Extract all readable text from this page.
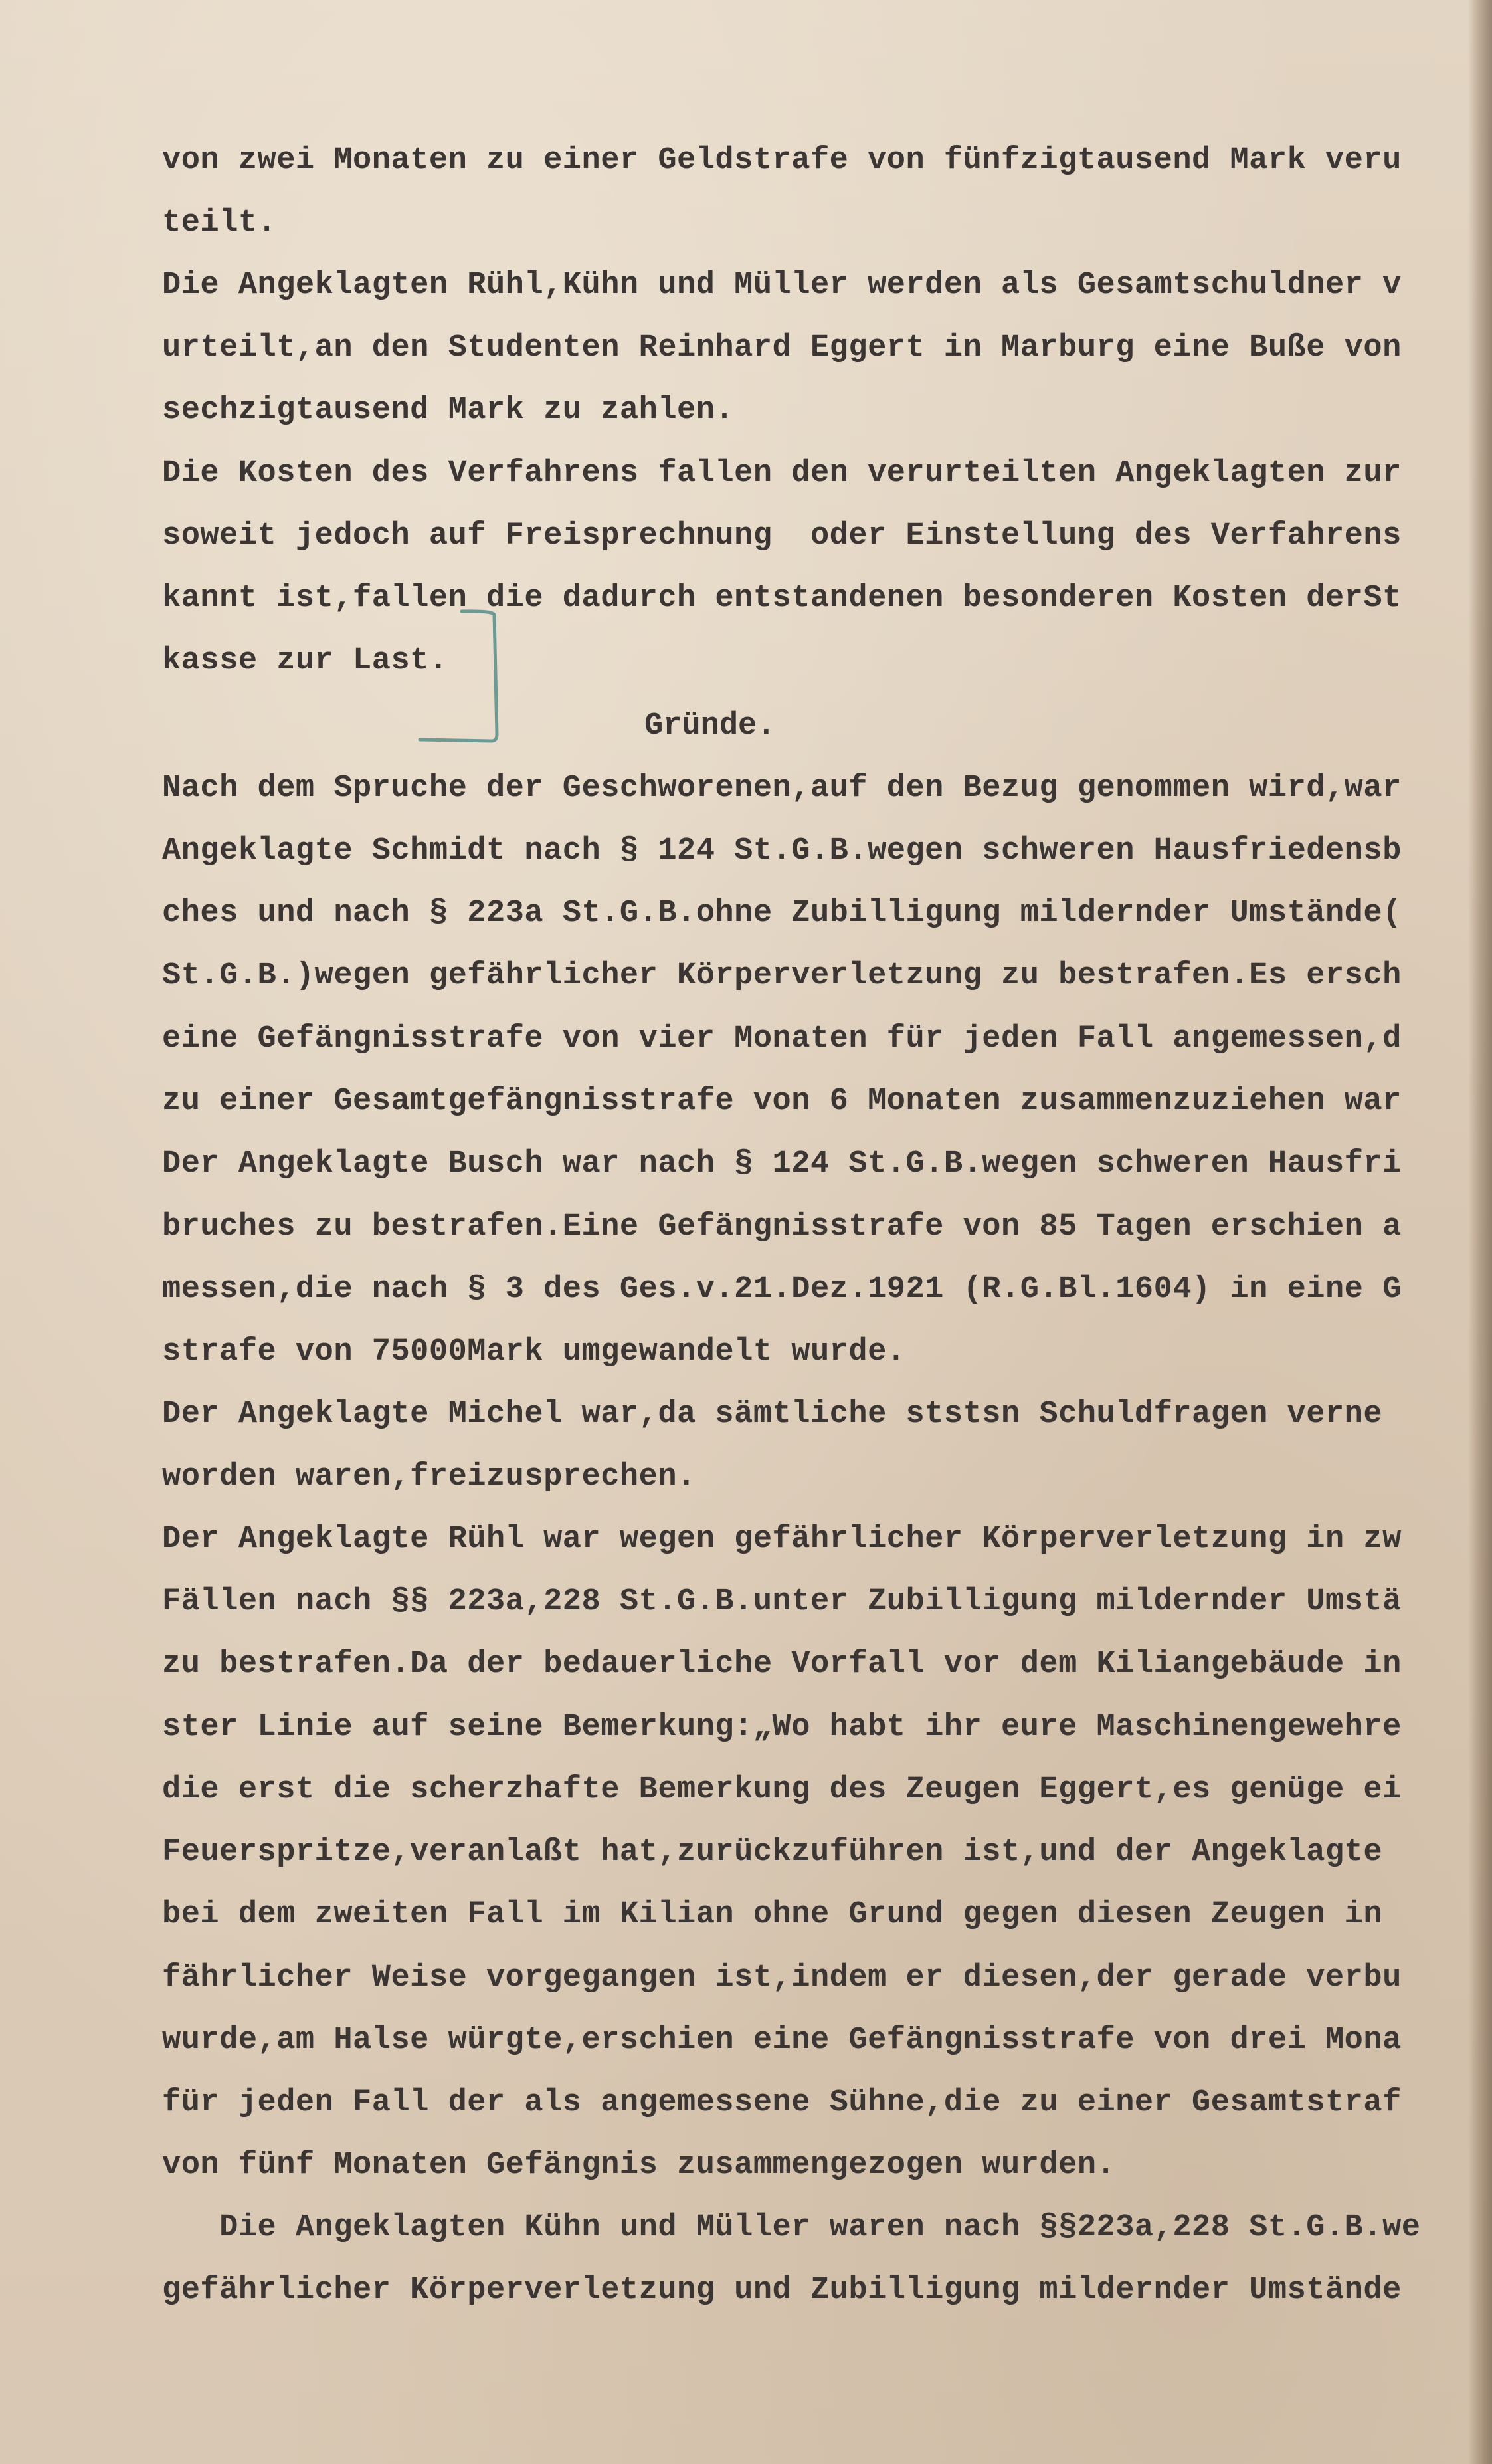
von zwei Monaten zu einer Geldstrafe von fünfzigtausend Mark veru
teilt.
Die Angeklagten Rühl,Kühn und Müller werden als Gesamtschuldner v
urteilt,an den Studenten Reinhard Eggert in Marburg eine Buße von
sechzigtausend Mark zu zahlen.
Die Kosten des Verfahrens fallen den verurteilten Angeklagten zur
soweit jedoch auf Freisprechnung  oder Einstellung des Verfahrens
kannt ist,fallen die dadurch entstandenen besonderen Kosten derSt
kasse zur Last.
Gründe.
Nach dem Spruche der Geschworenen,auf den Bezug genommen wird,war
Angeklagte Schmidt nach § 124 St.G.B.wegen schweren Hausfriedensb
ches und nach § 223a St.G.B.ohne Zubilligung mildernder Umstände(
St.G.B.)wegen gefährlicher Körperverletzung zu bestrafen.Es ersch
eine Gefängnisstrafe von vier Monaten für jeden Fall angemessen,d
zu einer Gesamtgefängnisstrafe von 6 Monaten zusammenzuziehen war
Der Angeklagte Busch war nach § 124 St.G.B.wegen schweren Hausfri
bruches zu bestrafen.Eine Gefängnisstrafe von 85 Tagen erschien a
messen,die nach § 3 des Ges.v.21.Dez.1921 (R.G.Bl.1604) in eine G
strafe von 75000Mark umgewandelt wurde.
Der Angeklagte Michel war,da sämtliche ststsn Schuldfragen verne
worden waren,freizusprechen.
Der Angeklagte Rühl war wegen gefährlicher Körperverletzung in zw
Fällen nach §§ 223a,228 St.G.B.unter Zubilligung mildernder Umstä
zu bestrafen.Da der bedauerliche Vorfall vor dem Kiliangebäude in
ster Linie auf seine Bemerkung:„Wo habt ihr eure Maschinengewehre
die erst die scherzhafte Bemerkung des Zeugen Eggert,es genüge ei
Feuerspritze,veranlaßt hat,zurückzuführen ist,und der Angeklagte
bei dem zweiten Fall im Kilian ohne Grund gegen diesen Zeugen in
fährlicher Weise vorgegangen ist,indem er diesen,der gerade verbu
wurde,am Halse würgte,erschien eine Gefängnisstrafe von drei Mona
für jeden Fall der als angemessene Sühne,die zu einer Gesamtstraf
von fünf Monaten Gefängnis zusammengezogen wurden.
Die Angeklagten Kühn und Müller waren nach §§223a,228 St.G.B.we
gefährlicher Körperverletzung und Zubilligung mildernder Umstände
